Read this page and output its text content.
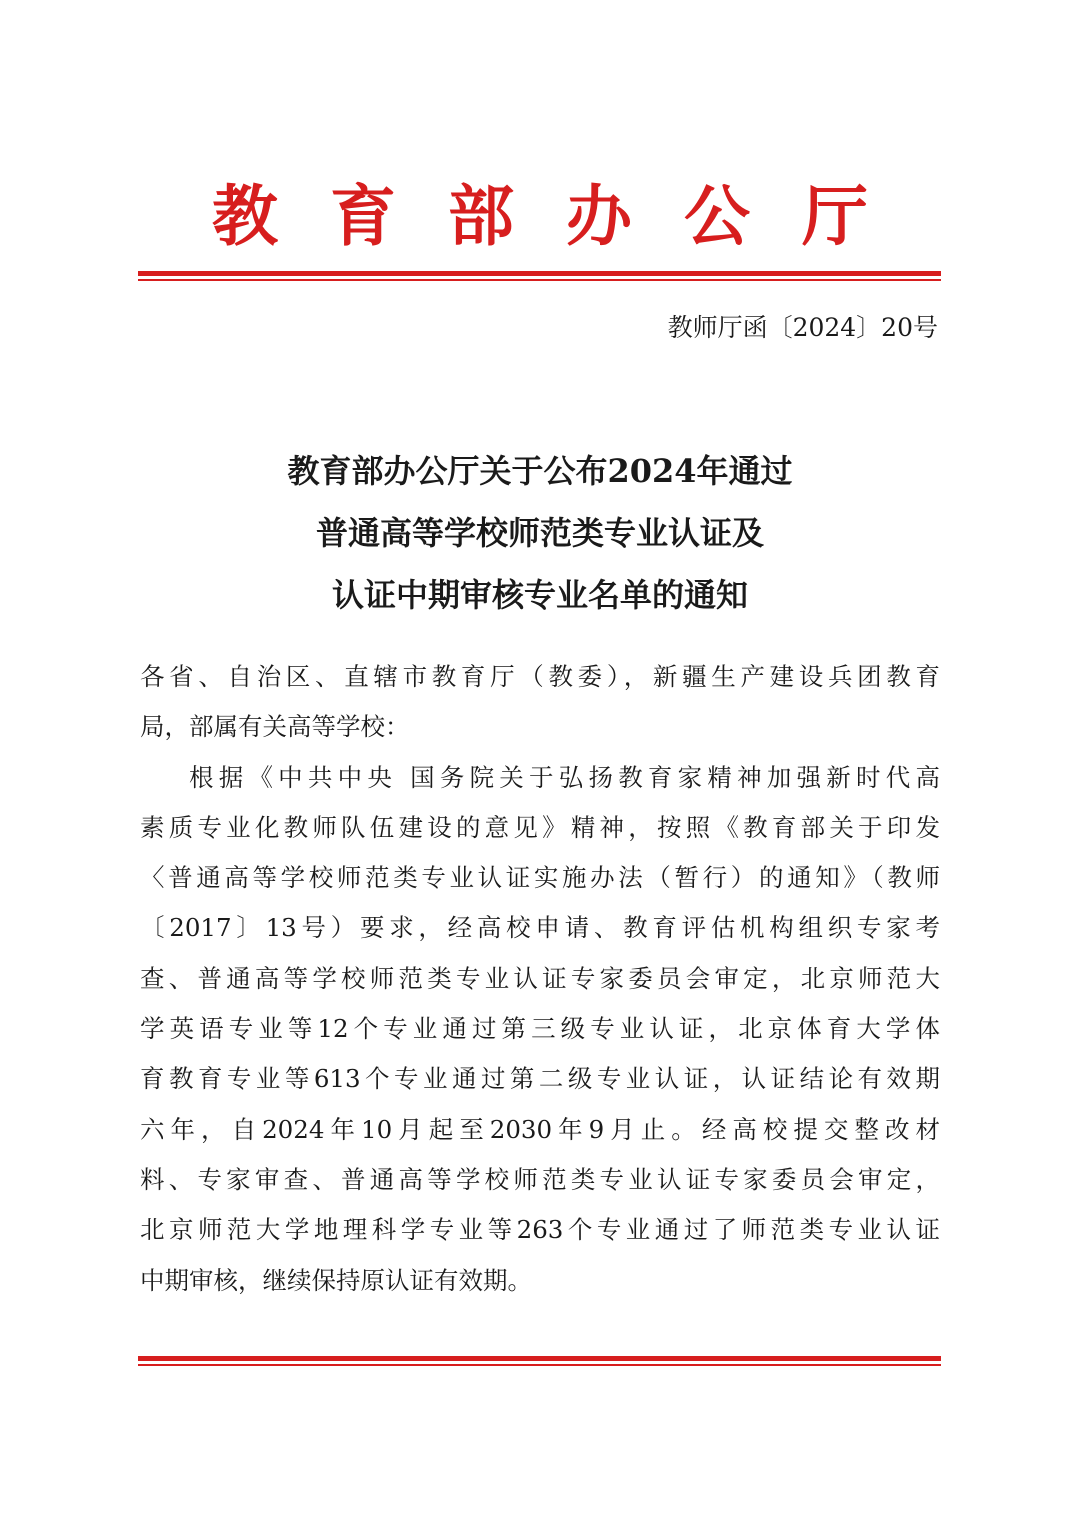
教育部办公厅
教师厅函〔2024〕20号
教育部办公厅关于公布2024年通过
普通高等学校师范类专业认证及
认证中期审核专业名单的通知
各省、自治区、直辖市教育厅（教委），新疆生产建设兵团教育
局，部属有关高等学校：
根据《中共中央 国务院关于弘扬教育家精神加强新时代高
素质专业化教师队伍建设的意见》精神，按照《教育部关于印发
〈普通高等学校师范类专业认证实施办法（暂行）的通知》（教师
〔2017〕13号）要求，经高校申请、教育评估机构组织专家考
查、普通高等学校师范类专业认证专家委员会审定，北京师范大
学英语专业等12个专业通过第三级专业认证，北京体育大学体
育教育专业等613个专业通过第二级专业认证，认证结论有效期
六年，自2024年10月起至2030年9月止。经高校提交整改材
料、专家审查、普通高等学校师范类专业认证专家委员会审定，
北京师范大学地理科学专业等263个专业通过了师范类专业认证
中期审核，继续保持原认证有效期。
